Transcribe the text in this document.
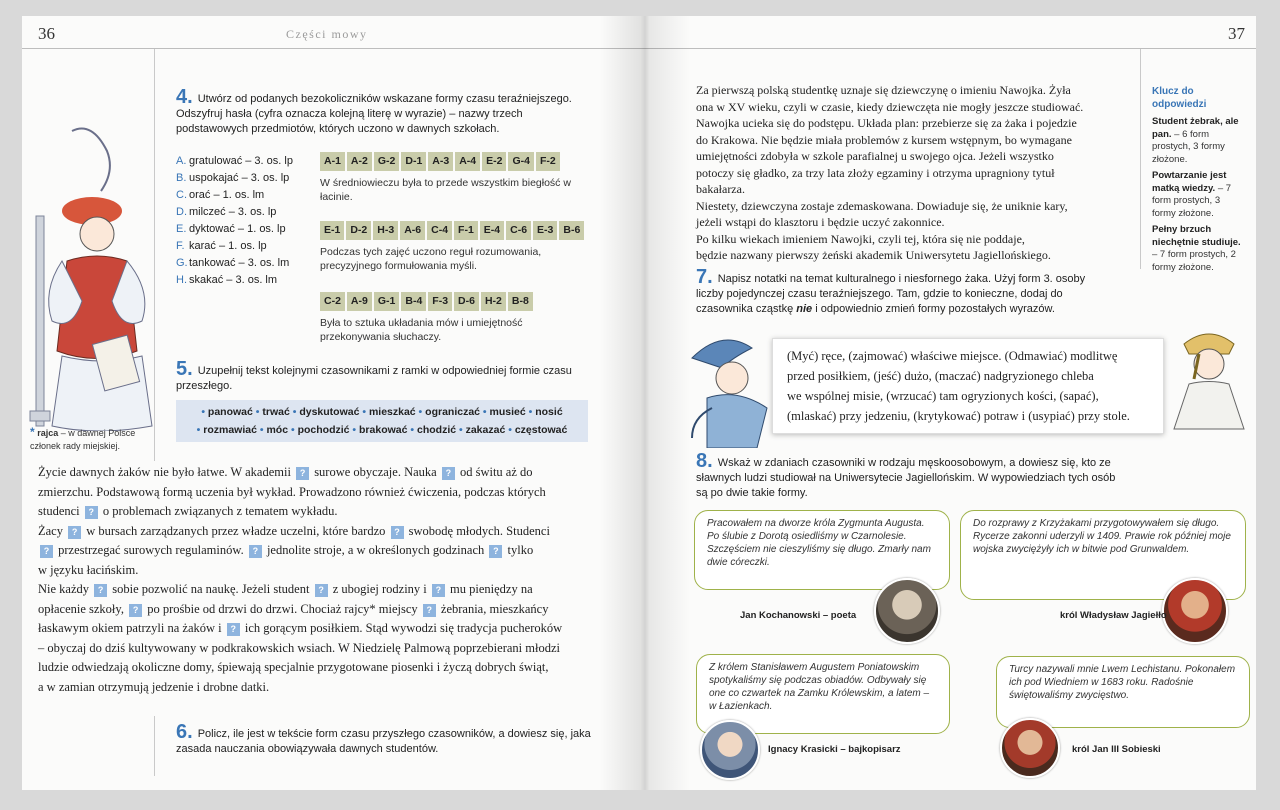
36	Części mowy
4. Utwórz od podanych bezokoliczników wskazane formy czasu teraźniejszego. Odszyfruj hasła (cyfra oznacza kolejną literę w wyrazie) – nazwy trzech podstawowych przedmiotów, których uczono w dawnych szkołach.
A. gratulować – 3. os. lp
B. uspokajać – 3. os. lp
C. orać – 1. os. lm
D. milczeć – 3. os. lp
E. dyktować – 1. os. lp
F. karać – 1. os. lp
G.tankować – 3. os. lm
H. skakać – 3. os. lm
A-1 A-2 G-2 D-1 A-3 A-4 E-2 G-4 F-2
W średniowieczu była to przede wszystkim biegłość w łacinie.
E-1 D-2 H-3 A-6 C-4 F-1 E-4 C-6 E-3 B-6
Podczas tych zajęć uczono reguł rozumowania, precyzyjnego formułowania myśli.
C-2 A-9 G-1 B-4 F-3 D-6 H-2 B-8
Była to sztuka układania mów i umiejętność przekonywania słuchaczy.
5. Uzupełnij tekst kolejnymi czasownikami z ramki w odpowiedniej formie czasu przeszłego.
• panować • trwać • dyskutować • mieszkać • ograniczać • musieć • nosić
• rozmawiać • móc • pochodzić • brakować • chodzić • zakazać • częstować
* rajca – w dawnej Polsce członek rady miejskiej.
Życie dawnych żaków nie było łatwe. W akademii ? surowe obyczaje. Nauka ? od świtu aż do
zmierzchu. Podstawową formą uczenia był wykład. Prowadzono również ćwiczenia, podczas których
studenci ? o problemach związanych z tematem wykładu.
Żacy ? w bursach zarządzanych przez władze uczelni, które bardzo ? swobodę młodych. Studenci
? przestrzegać surowych regulaminów. ? jednolite stroje, a w określonych godzinach ? tylko
w języku łacińskim.
Nie każdy ? sobie pozwolić na naukę. Jeżeli student ? z ubogiej rodziny i ? mu pieniędzy na
opłacenie szkoły, ? po prośbie od drzwi do drzwi. Chociaż rajcy* miejscy ? żebrania, mieszkańcy
łaskawym okiem patrzyli na żaków i ? ich gorącym posiłkiem. Stąd wywodzi się tradycja pucheroków
– obyczaj do dziś kultywowany w podkrakowskich wsiach. W Niedzielę Palmową poprzebierani młodzi
ludzie odwiedzają okoliczne domy, śpiewają specjalnie przygotowane piosenki i życzą dobrych świąt,
a w zamian otrzymują jedzenie i drobne datki.
6. Policz, ile jest w tekście form czasu przyszłego czasowników, a dowiesz się, jaka zasada nauczania obowiązywała dawnych studentów.
37
Za pierwszą polską studentkę uznaje się dziewczynę o imieniu Nawojka. Żyła
ona w XV wieku, czyli w czasie, kiedy dziewczęta nie mogły jeszcze studiować.
Nawojka ucieka się do podstępu. Układa plan: przebierze się za żaka i pojedzie
do Krakowa. Nie będzie miała problemów z kursem wstępnym, bo wymagane
umiejętności zdobyła w szkole parafialnej u swojego ojca. Jeżeli wszystko
potoczy się gładko, za trzy lata złoży egzaminy i otrzyma upragniony tytuł
bakałarza.
Niestety, dziewczyna zostaje zdemaskowana. Dowiaduje się, że uniknie kary,
jeżeli wstąpi do klasztoru i będzie uczyć zakonnice.
Po kilku wiekach imieniem Nawojki, czyli tej, która się nie poddaje,
będzie nazwany pierwszy żeński akademik Uniwersytetu Jagiellońskiego.
Klucz do odpowiedzi

Student żebrak, ale pan. – 6 form prostych, 3 formy złożone.

Powtarzanie jest matką wiedzy. – 7 form prostych, 3 formy złożone.

Pełny brzuch niechętnie studiuje. – 7 form prostych, 2 formy złożone.

7. Napisz notatki na temat kulturalnego i niesfornego żaka. Użyj form 3. osoby liczby pojedynczej czasu teraźniejszego. Tam, gdzie to konieczne, dodaj do czasownika cząstkę nie i odpowiednio zmień formy pozostałych wyrazów.
(Myć) ręce, (zajmować) właściwe miejsce. (Odmawiać) modlitwę
przed posiłkiem, (jeść) dużo, (maczać) nadgryzionego chleba
we wspólnej misie, (wrzucać) tam ogryzionych kości, (sapać),
(mlaskać) przy jedzeniu, (krytykować) potraw i (usypiać) przy stole.
8. Wskaż w zdaniach czasowniki w rodzaju męskoosobowym, a dowiesz się, kto ze sławnych ludzi studiował na Uniwersytecie Jagiellońskim. W wypowiedziach tych osób są po dwie takie formy.
Pracowałem na dworze króla Zygmunta Augusta. Po ślubie z Dorotą osiedliśmy w Czarnolesie. Szczęściem nie cieszyliśmy się długo. Zmarły nam dwie córeczki.
Jan Kochanowski – poeta
Do rozprawy z Krzyżakami przygotowywałem się długo. Rycerze zakonni uderzyli w 1409. Prawie rok później moje wojska zwyciężyły ich w bitwie pod Grunwaldem.
król Władysław Jagiełło
Z królem Stanisławem Augustem Poniatowskim spotykaliśmy się podczas obiadów. Odbywały się one co czwartek na Zamku Królewskim, a latem – w Łazienkach.
Ignacy Krasicki – bajkopisarz
Turcy nazywali mnie Lwem Lechistanu. Pokonałem ich pod Wiedniem w 1683 roku. Radośnie świętowaliśmy zwycięstwo.
król Jan III Sobieski
